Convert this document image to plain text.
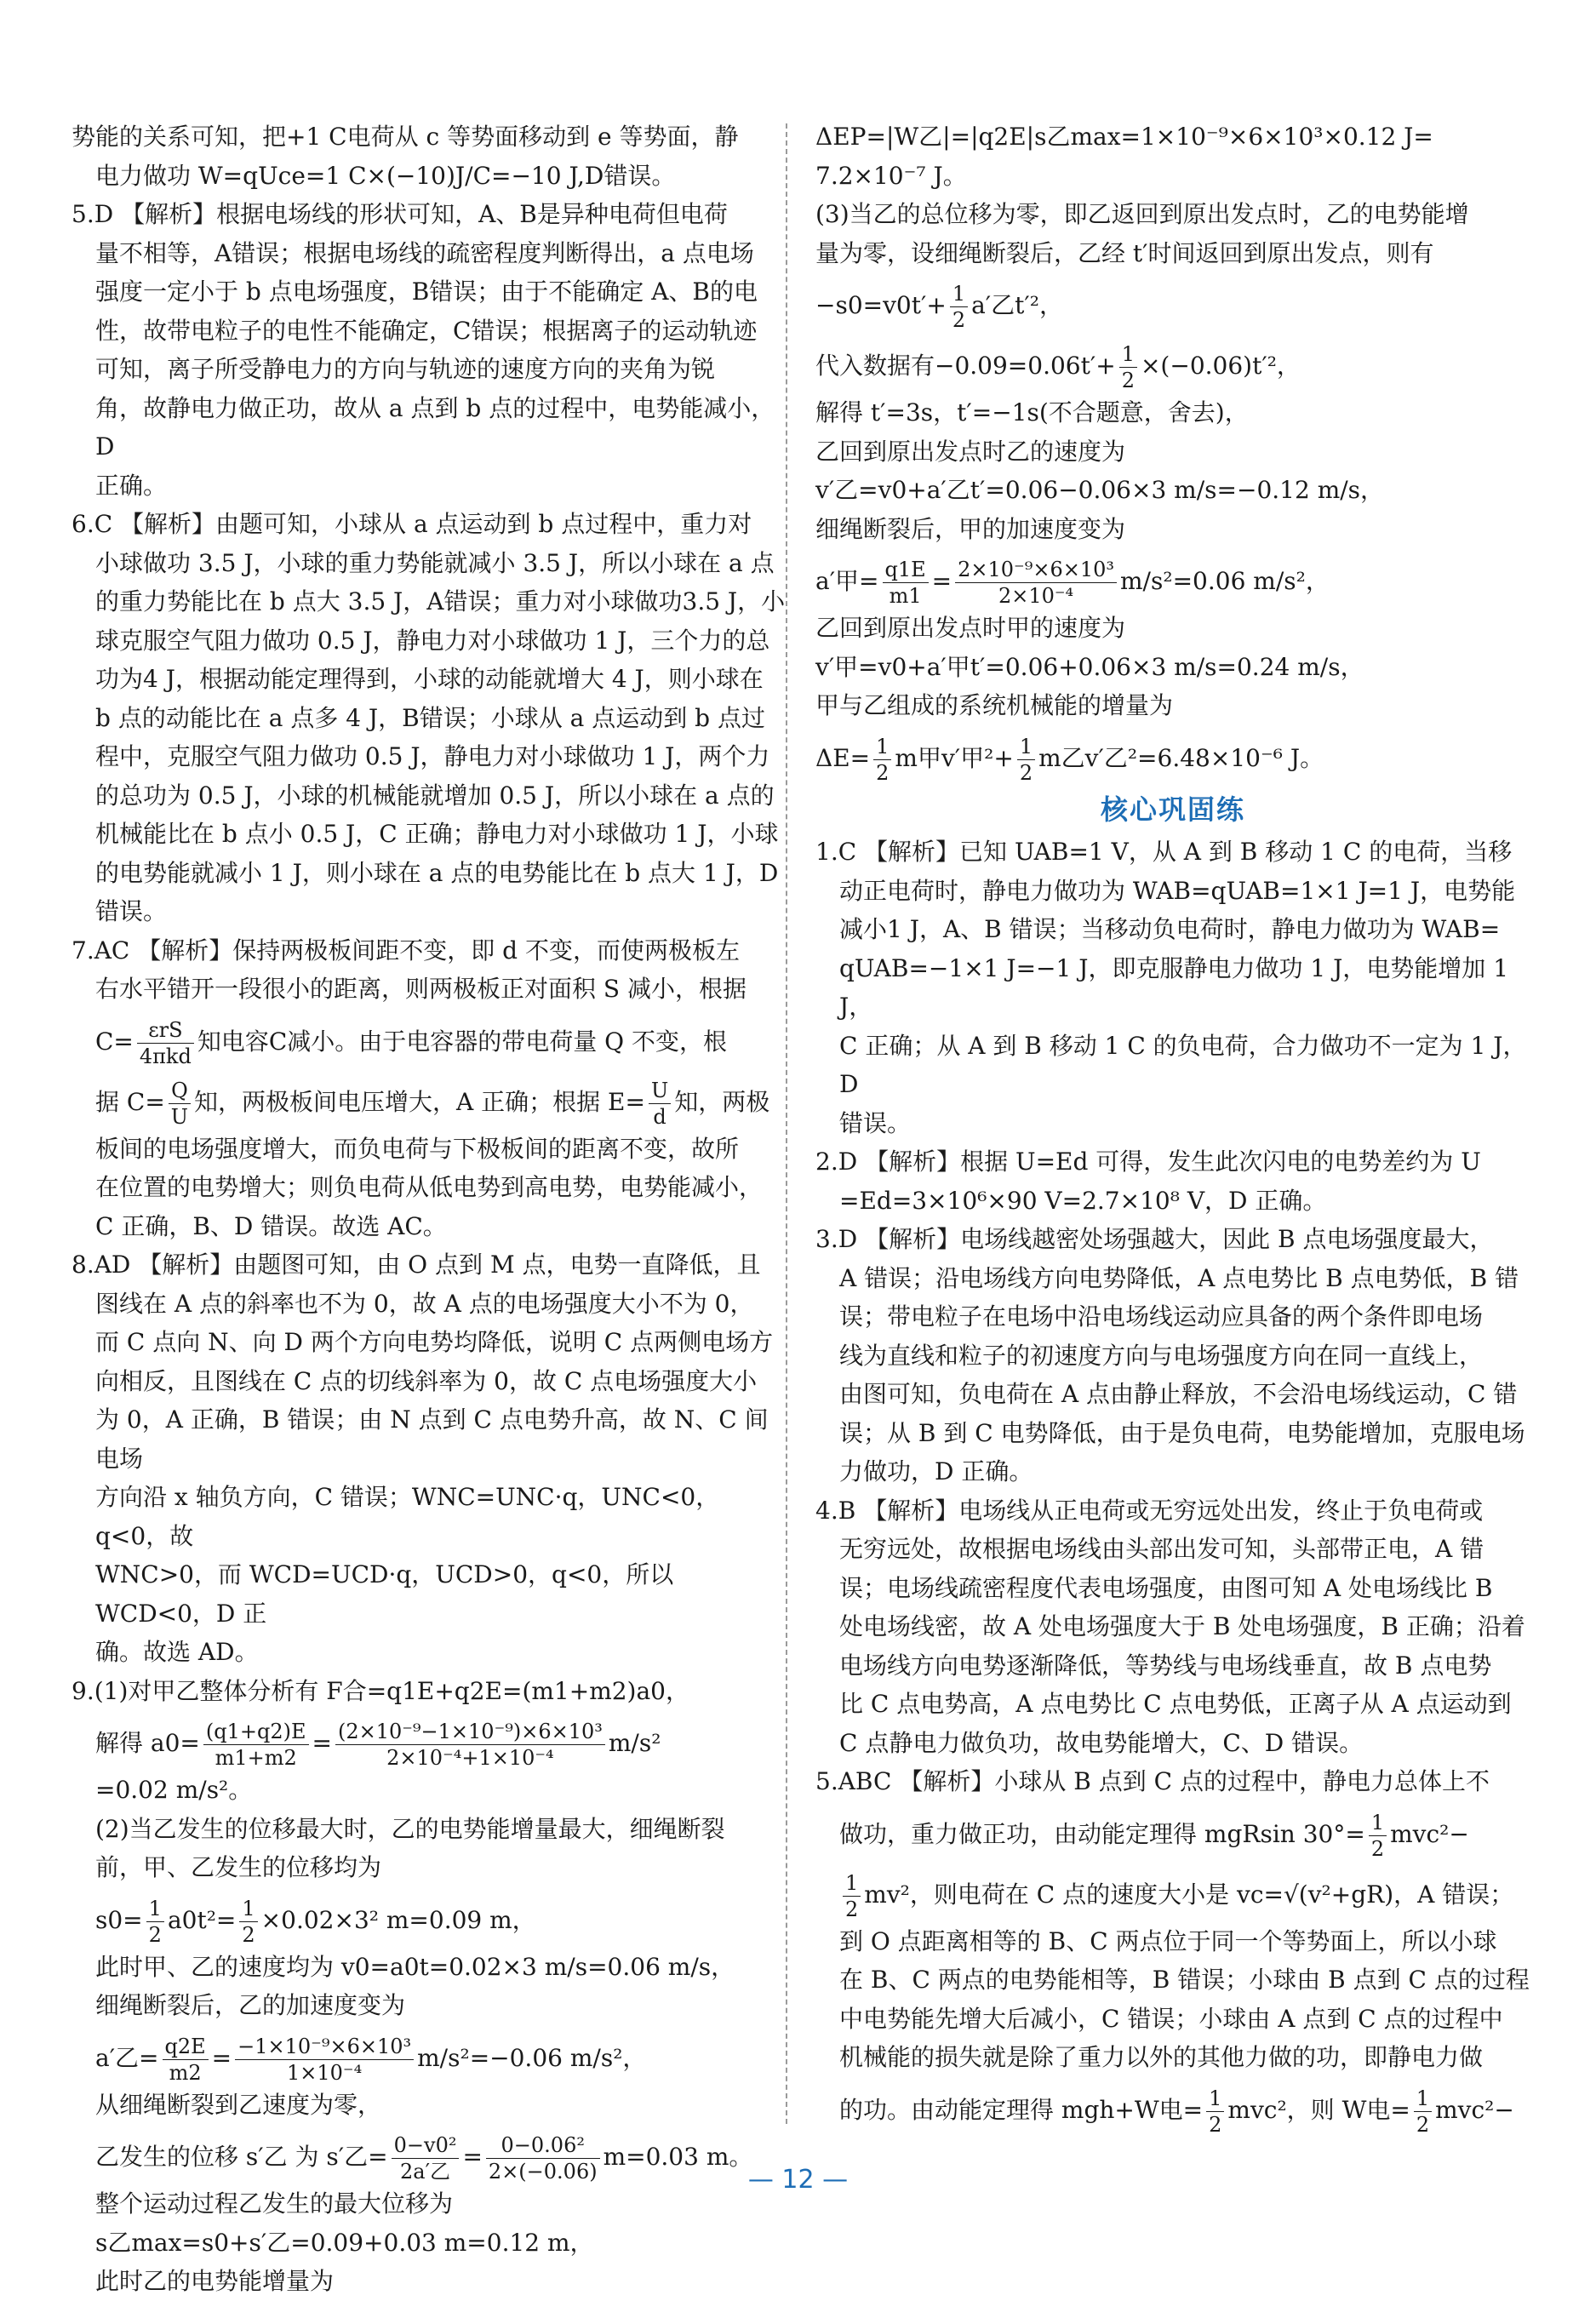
势能的关系可知，把+1 C电荷从 c 等势面移动到 e 等势面，静

电力做功 W=qUce=1 C×(−10)J/C=−10 J,D错误。

5.D 【解析】根据电场线的形状可知，A、B是异种电荷但电荷

量不相等，A错误；根据电场线的疏密程度判断得出，a 点电场

强度一定小于 b 点电场强度，B错误；由于不能确定 A、B的电

性，故带电粒子的电性不能确定，C错误；根据离子的运动轨迹

可知，离子所受静电力的方向与轨迹的速度方向的夹角为锐

角，故静电力做正功，故从 a 点到 b 点的过程中，电势能减小，D

正确。

6.C 【解析】由题可知，小球从 a 点运动到 b 点过程中，重力对

小球做功 3.5 J，小球的重力势能就减小 3.5 J，所以小球在 a 点

的重力势能比在 b 点大 3.5 J，A错误；重力对小球做功3.5 J，小

球克服空气阻力做功 0.5 J，静电力对小球做功 1 J，三个力的总

功为4 J，根据动能定理得到，小球的动能就增大 4 J，则小球在

b 点的动能比在 a 点多 4 J，B错误；小球从 a 点运动到 b 点过

程中，克服空气阻力做功 0.5 J，静电力对小球做功 1 J，两个力

的总功为 0.5 J，小球的机械能就增加 0.5 J，所以小球在 a 点的

机械能比在 b 点小 0.5 J，C 正确；静电力对小球做功 1 J，小球

的电势能就减小 1 J，则小球在 a 点的电势能比在 b 点大 1 J，D

错误。

7.AC 【解析】保持两极板间距不变，即 d 不变，而使两极板左

右水平错开一段很小的距离，则两极板正对面积 S 减小，根据

$C= \frac{\text{εrS}}{\text{4πkd}}$ 知电容C减小。由于电容器的带电荷量 Q 不变，根

据 $C= \frac{Q}{U}$ 知，两极板间电压增大，A 正确；根据 $E= \frac{U}{d}$ 知，两极

板间的电场强度增大，而负电荷与下极板间的距离不变，故所

在位置的电势增大；则负电荷从低电势到高电势，电势能减小，

C 正确，B、D 错误。故选 AC。

8.AD 【解析】由题图可知，由 O 点到 M 点，电势一直降低，且

图线在 A 点的斜率也不为 0，故 A 点的电场强度大小不为 0，

而 C 点向 N、向 D 两个方向电势均降低，说明 C 点两侧电场方

向相反，且图线在 C 点的切线斜率为 0，故 C 点电场强度大小

为 0，A 正确，B 错误；由 N 点到 C 点电势升高，故 N、C 间电场

方向沿 x 轴负方向，C 错误；WNC=UNC·q，UNC<0，q<0，故

WNC>0，而 WCD=UCD·q，UCD>0，q<0，所以 WCD<0，D 正

确。故选 AD。

9.(1)对甲乙整体分析有 F合=q1E+q2E=(m1+m2)a0，

解得 $a0= \frac{(q1+q2)E}{m1+m2} = \frac{\text{(2×10⁻⁹−1×10⁻⁹)×6×10³}}{\text{2×10⁻⁴+1×10⁻⁴}} m/s^2$

=0.02 m/s²。

(2)当乙发生的位移最大时，乙的电势能增量最大，细绳断裂

前，甲、乙发生的位移均为

$s0= \frac{1}{2} a0t^2= \frac{1}{2} \times 0.02\times 3^2$ m=0.09 m，

此时甲、乙的速度均为 v0=a0t=0.02×3 m/s=0.06 m/s，

细绳断裂后，乙的加速度变为

a′乙= $\frac{q2E}{m2} = \frac{\text{−1×10⁻⁹×6×10³}}{\text{1×10⁻⁴}} m/s^2=-0.06$ m/s²，

从细绳断裂到乙速度为零，

乙发生的位移 s′乙 为 s′乙= $\frac{\text{0−v0²}}{\text{2a′乙}} = \frac{\text{0−0.06²}}{2\times(-0.06)} m=0.03$ m。

整个运动过程乙发生的最大位移为

s乙max=s0+s′乙=0.09+0.03 m=0.12 m，

此时乙的电势能增量为

ΔEP=|W乙|=|q2E|s乙max=1×10⁻⁹×6×10³×0.12 J=

7.2×10⁻⁷ J。

(3)当乙的总位移为零，即乙返回到原出发点时，乙的电势能增

量为零，设细绳断裂后，乙经 t′时间返回到原出发点，则有

$-s0=v0t'+ \frac{1}{2} a'$乙t′²，

代入数据有$-0.09=0.06t'+ \frac{1}{2} \times(-0.06)t'^2$，

解得 t′=3s，t′=−1s(不合题意，舍去)，

乙回到原出发点时乙的速度为

v′乙=v0+a′乙t′=0.06−0.06×3 m/s=−0.12 m/s，

细绳断裂后，甲的加速度变为

a′甲= $\frac{q1E}{m1} = \frac{\text{2×10⁻⁹×6×10³}}{\text{2×10⁻⁴}} m/s^2=0.06$ m/s²，

乙回到原出发点时甲的速度为

v′甲=v0+a′甲t′=0.06+0.06×3 m/s=0.24 m/s，

甲与乙组成的系统机械能的增量为

$\Delta E= \frac{1}{2}$ m甲v′甲$^2+ \frac{1}{2}$ m乙v′乙²=6.48×10⁻⁶ J。

核心巩固练

1.C 【解析】已知 UAB=1 V，从 A 到 B 移动 1 C 的电荷，当移

动正电荷时，静电力做功为 WAB=qUAB=1×1 J=1 J，电势能

减小1 J，A、B 错误；当移动负电荷时，静电力做功为 WAB=

qUAB=−1×1 J=−1 J，即克服静电力做功 1 J，电势能增加 1 J，

C 正确；从 A 到 B 移动 1 C 的负电荷，合力做功不一定为 1 J，D

错误。

2.D 【解析】根据 U=Ed 可得，发生此次闪电的电势差约为 U

=Ed=3×10⁶×90 V=2.7×10⁸ V，D 正确。

3.D 【解析】电场线越密处场强越大，因此 B 点电场强度最大，

A 错误；沿电场线方向电势降低，A 点电势比 B 点电势低，B 错

误；带电粒子在电场中沿电场线运动应具备的两个条件即电场

线为直线和粒子的初速度方向与电场强度方向在同一直线上，

由图可知，负电荷在 A 点由静止释放，不会沿电场线运动，C 错

误；从 B 到 C 电势降低，由于是负电荷，电势能增加，克服电场

力做功，D 正确。

4.B 【解析】电场线从正电荷或无穷远处出发，终止于负电荷或

无穷远处，故根据电场线由头部出发可知，头部带正电，A 错

误；电场线疏密程度代表电场强度，由图可知 A 处电场线比 B

处电场线密，故 A 处电场强度大于 B 处电场强度，B 正确；沿着

电场线方向电势逐渐降低，等势线与电场线垂直，故 B 点电势

比 C 点电势高，A 点电势比 C 点电势低，正离子从 A 点运动到

C 点静电力做负功，故电势能增大，C、D 错误。

5.ABC 【解析】小球从 B 点到 C 点的过程中，静电力总体上不

做功，重力做正功，由动能定理得 mgRsin $30^\circ= \frac{1}{2} mvc^2-$

$\frac{1}{2} mv^2$，则电荷在 C 点的速度大小是 vc=√(v²+gR)，A 错误；

到 O 点距离相等的 B、C 两点位于同一个等势面上，所以小球

在 B、C 两点的电势能相等，B 错误；小球由 B 点到 C 点的过程

中电势能先增大后减小，C 错误；小球由 A 点到 C 点的过程中

机械能的损失就是除了重力以外的其他力做的功，即静电力做

的功。由动能定理得 mgh+W电= $\frac{1}{2} mvc^2$，则 W电= $\frac{1}{2} mvc^2-$

— 12 —
